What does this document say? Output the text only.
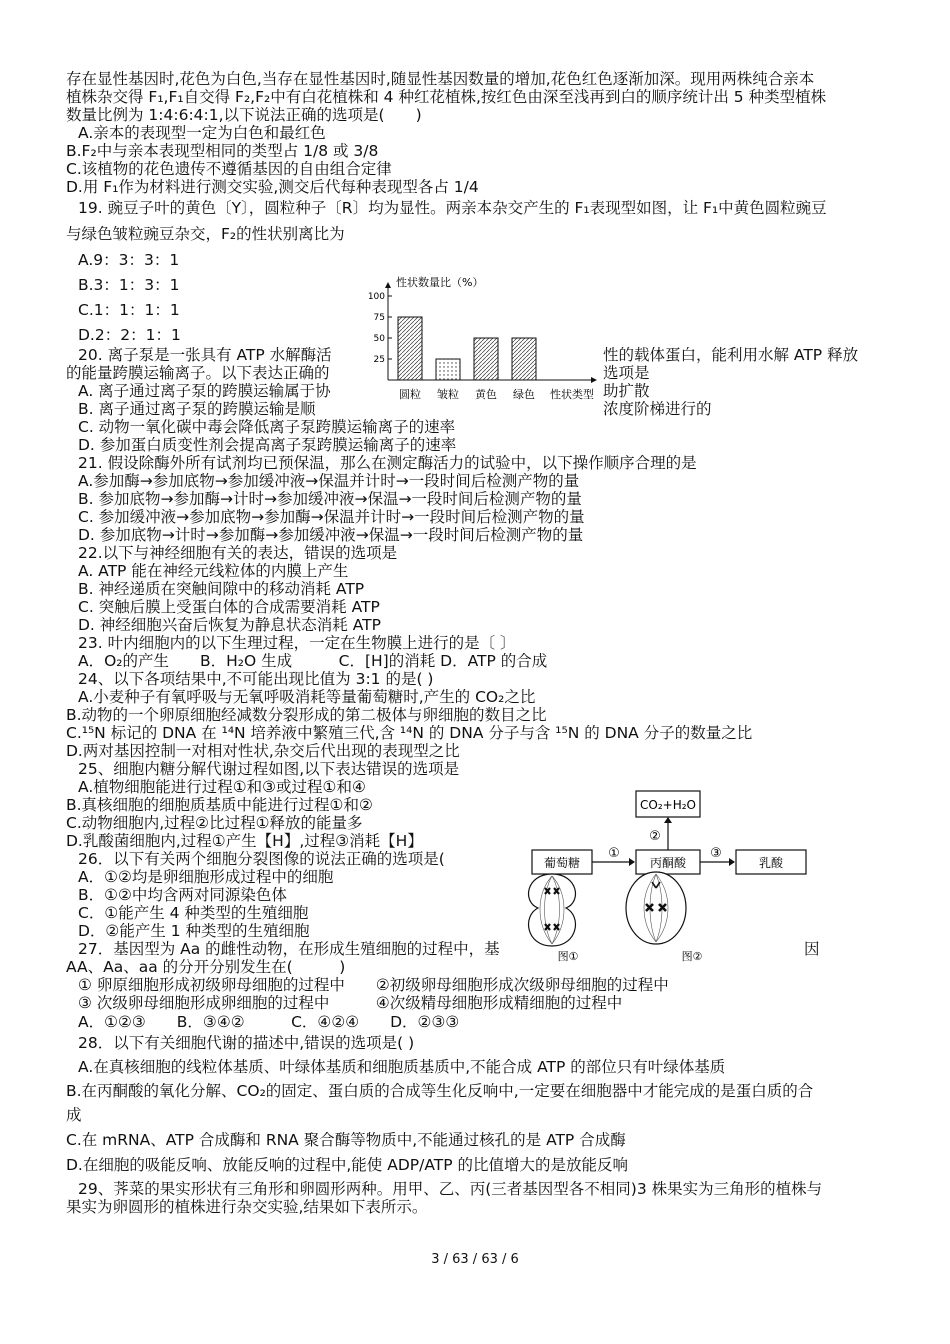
存在显性基因时,花色为白色,当存在显性基因时,随显性基因数量的增加,花色红色逐渐加深。现用两株纯合亲本
植株杂交得 F₁,F₁自交得 F₂,F₂中有白花植株和 4 种红花植株,按红色由深至浅再到白的顺序统计出 5 种类型植株
数量比例为 1:4:6:4:1,以下说法正确的选项是(　　)
A.亲本的表现型一定为白色和最红色
B.F₂中与亲本表现型相同的类型占 1/8 或 3/8
C.该植物的花色遗传不遵循基因的自由组合定律
D.用 F₁作为材料进行测交实验,测交后代每种表现型各占 1/4
19. 豌豆子叶的黄色〔Y〕，圆粒种子〔R〕均为显性。两亲本杂交产生的 F₁表现型如图，让 F₁中黄色圆粒豌豆
与绿色皱粒豌豆杂交，F₂的性状别离比为
A.9：3：3：1
B.3：1：3：1
C.1：1：1：1
D.2：2：1：1
20. 离子泵是一张具有 ATP 水解酶活	性的载体蛋白，能利用水解 ATP 释放
的能量跨膜运输离子。以下表达正确的	选项是
A. 离子通过离子泵的跨膜运输属于协	助扩散
B. 离子通过离子泵的跨膜运输是顺	浓度阶梯进行的
C. 动物一氧化碳中毒会降低离子泵跨膜运输离子的速率
D. 参加蛋白质变性剂会提高离子泵跨膜运输离子的速率
21. 假设除酶外所有试剂均已预保温，那么在测定酶活力的试验中，以下操作顺序合理的是
A.参加酶→参加底物→参加缓冲液→保温并计时→一段时间后检测产物的量
B. 参加底物→参加酶→计时→参加缓冲液→保温→一段时间后检测产物的量
C. 参加缓冲液→参加底物→参加酶→保温并计时→一段时间后检测产物的量
D. 参加底物→计时→参加酶→参加缓冲液→保温→一段时间后检测产物的量
22.以下与神经细胞有关的表达，错误的选项是
A. ATP 能在神经元线粒体的内膜上产生
B. 神经递质在突触间隙中的移动消耗 ATP
C. 突触后膜上受蛋白体的合成需要消耗 ATP
D. 神经细胞兴奋后恢复为静息状态消耗 ATP
23. 叶内细胞内的以下生理过程，一定在生物膜上进行的是〔 〕
A．O₂的产生　　B．H₂O 生成　　　C．[H]的消耗 D．ATP 的合成
24、以下各项结果中,不可能出现比值为 3:1 的是( )
A.小麦种子有氧呼吸与无氧呼吸消耗等量葡萄糖时,产生的 CO₂之比
B.动物的一个卵原细胞经减数分裂形成的第二极体与卵细胞的数目之比
C.¹⁵N 标记的 DNA 在 ¹⁴N 培养液中繁殖三代,含 ¹⁴N 的 DNA 分子与含 ¹⁵N 的 DNA 分子的数量之比
D.两对基因控制一对相对性状,杂交后代出现的表现型之比
25、细胞内糖分解代谢过程如图,以下表达错误的选项是
A.植物细胞能进行过程①和③或过程①和④
B.真核细胞的细胞质基质中能进行过程①和②
C.动物细胞内,过程②比过程①释放的能量多
D.乳酸菌细胞内,过程①产生【H】,过程③消耗【H】
26．以下有关两个细胞分裂图像的说法正确的选项是(
A．①②均是卵细胞形成过程中的细胞
B．①②中均含两对同源染色体
C．①能产生 4 种类型的生殖细胞
D．②能产生 1 种类型的生殖细胞
27．基因型为 Aa 的雌性动物，在形成生殖细胞的过程中，基	因
AA、Aa、aa 的分开分别发生在(　　　)
① 卵原细胞形成初级卵母细胞的过程中　　②初级卵母细胞形成次级卵母细胞的过程中
③ 次级卵母细胞形成卵细胞的过程中　　　④次级精母细胞形成精细胞的过程中
A．①②③　　B．③④②　　　C．④②④　　D．②③③
28．以下有关细胞代谢的描述中,错误的选项是( )
A.在真核细胞的线粒体基质、叶绿体基质和细胞质基质中,不能合成 ATP 的部位只有叶绿体基质
B.在丙酮酸的氧化分解、CO₂的固定、蛋白质的合成等生化反响中,一定要在细胞器中才能完成的是蛋白质的合
成
C.在 mRNA、ATP 合成酶和 RNA 聚合酶等物质中,不能通过核孔的是 ATP 合成酶
D.在细胞的吸能反响、放能反响的过程中,能使 ADP/ATP 的比值增大的是放能反响
29、荠菜的果实形状有三角形和卵圆形两种。用甲、乙、丙(三者基因型各不相同)3 株果实为三角形的植株与
果实为卵圆形的植株进行杂交实验,结果如下表所示。
性状数量比（%）
25
50
75
100
圆粒 皱粒 黄色 绿色 性状类型
CO₂+H₂O
②
葡萄糖
①
丙酮酸
③
乳酸
图①	图②
3 / 63 / 63 / 6
